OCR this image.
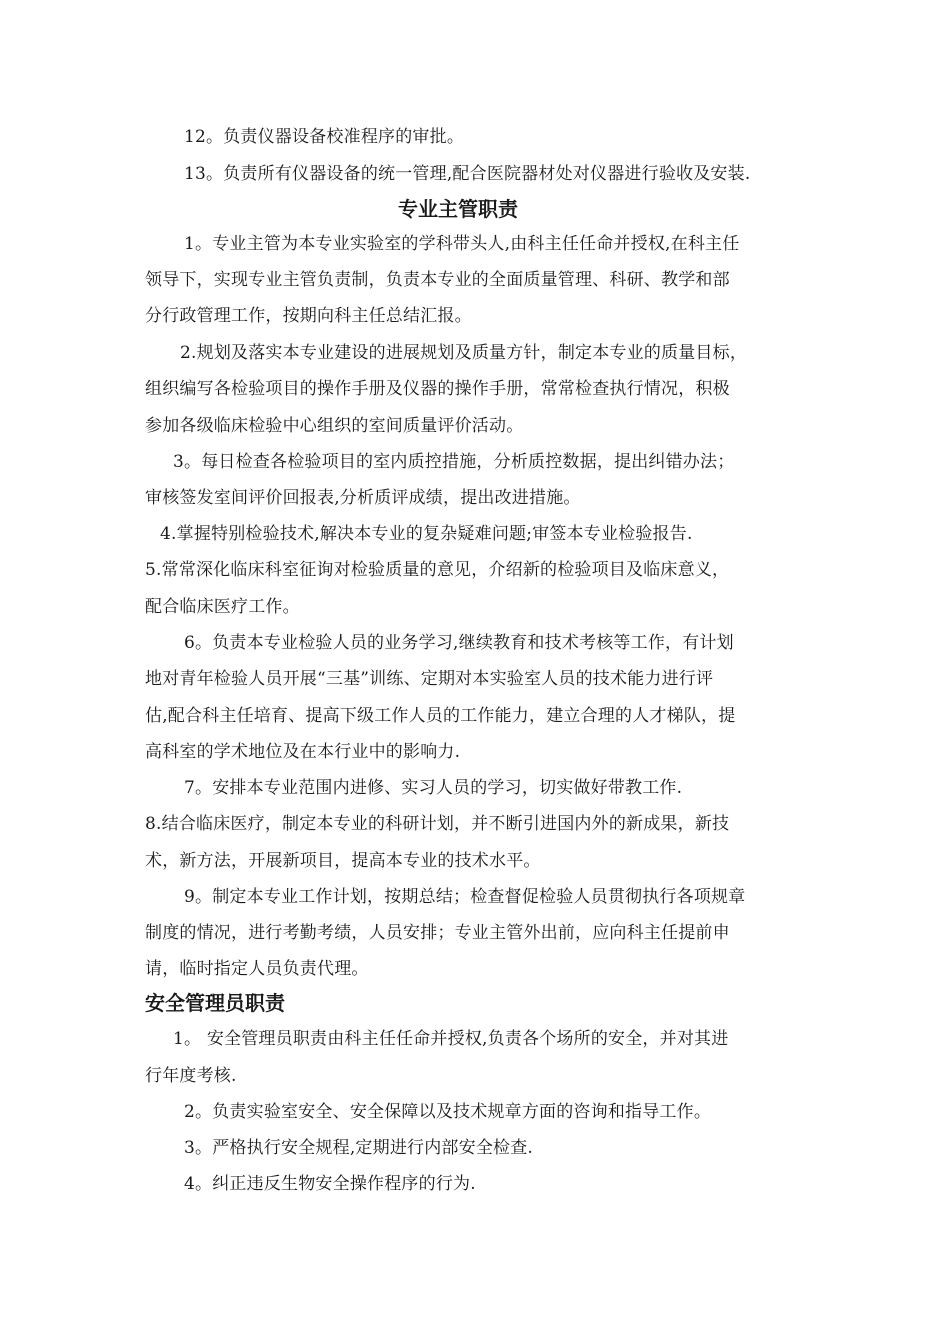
12。负责仪器设备校准程序的审批。
13。负责所有仪器设备的统一管理,配合医院器材处对仪器进行验收及安装.
专业主管职责
1。专业主管为本专业实验室的学科带头人,由科主任任命并授权,在科主任
领导下，实现专业主管负责制，负责本专业的全面质量管理、科研、教学和部
分行政管理工作，按期向科主任总结汇报。
2.规划及落实本专业建设的进展规划及质量方针，制定本专业的质量目标，
组织编写各检验项目的操作手册及仪器的操作手册，常常检查执行情况，积极
参加各级临床检验中心组织的室间质量评价活动。
3。每日检查各检验项目的室内质控措施，分析质控数据，提出纠错办法；
审核签发室间评价回报表,分析质评成绩，提出改进措施。
4.掌握特别检验技术,解决本专业的复杂疑难问题;审签本专业检验报告.
5.常常深化临床科室征询对检验质量的意见，介绍新的检验项目及临床意义，
配合临床医疗工作。
6。负责本专业检验人员的业务学习,继续教育和技术考核等工作，有计划
地对青年检验人员开展“三基”训练、定期对本实验室人员的技术能力进行评
估,配合科主任培育、提高下级工作人员的工作能力，建立合理的人才梯队，提
高科室的学术地位及在本行业中的影响力.
7。安排本专业范围内进修、实习人员的学习，切实做好带教工作.
8.结合临床医疗，制定本专业的科研计划，并不断引进国内外的新成果，新技
术，新方法，开展新项目，提高本专业的技术水平。
9。制定本专业工作计划，按期总结；检查督促检验人员贯彻执行各项规章
制度的情况，进行考勤考绩，人员安排；专业主管外出前，应向科主任提前申
请，临时指定人员负责代理。
安全管理员职责
1。 安全管理员职责由科主任任命并授权,负责各个场所的安全，并对其进
行年度考核.
2。负责实验室安全、安全保障以及技术规章方面的咨询和指导工作。
3。严格执行安全规程,定期进行内部安全检查.
4。纠正违反生物安全操作程序的行为.
